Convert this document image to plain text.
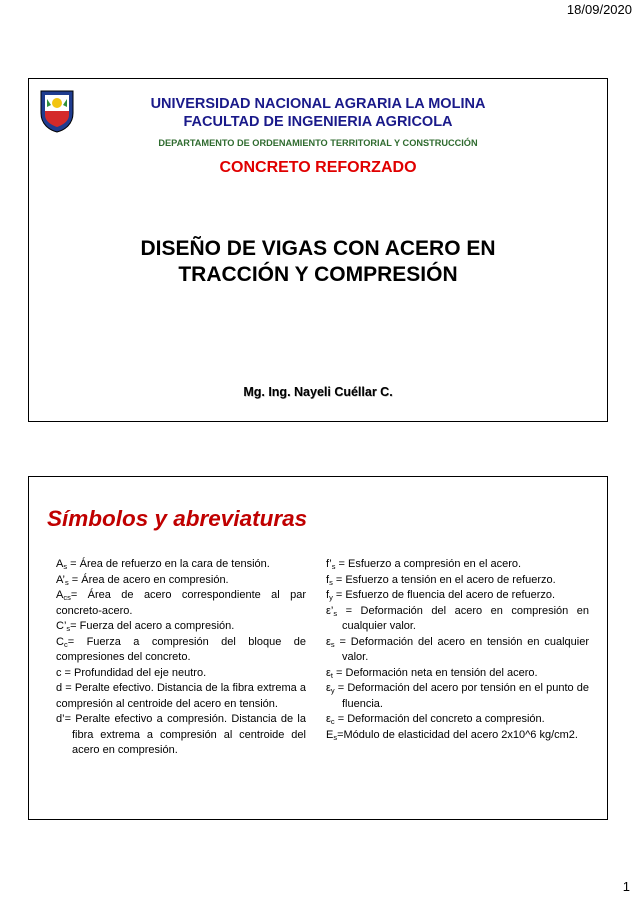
18/09/2020
UNIVERSIDAD NACIONAL AGRARIA LA MOLINA
FACULTAD DE INGENIERIA AGRICOLA
DEPARTAMENTO DE ORDENAMIENTO TERRITORIAL Y CONSTRUCCIÓN
CONCRETO REFORZADO
DISEÑO DE VIGAS CON ACERO EN
TRACCIÓN Y COMPRESIÓN
Mg. Ing. Nayeli Cuéllar C.
Símbolos y abreviaturas

$A_s$ = Área de refuerzo en la cara de tensión.

$A’_s$ = Área de acero en compresión.

$A_{cs}=$ Área de acero correspondiente al par concreto-acero.

$C’_s=$ Fuerza del acero a compresión.

$C_c=$ Fuerza a compresión del bloque de compresiones del concreto.

c = Profundidad del eje neutro.

d = Peralte efectivo. Distancia de la fibra extrema a compresión al centroide del acero en tensión.

d’= Peralte efectivo a compresión. Distancia de la fibra extrema a compresión al centroide del acero en compresión.

$f’_s$ = Esfuerzo a compresión en el acero.

$f_s$ = Esfuerzo a tensión en el acero de refuerzo.

$f_y$ = Esfuerzo de fluencia del acero de refuerzo.

$\varepsilon’_s$ = Deformación del acero en compresión en cualquier valor.

$\varepsilon_s$ = Deformación del acero en tensión en cualquier valor.

$\varepsilon_t$ = Deformación neta en tensión del acero.

$\varepsilon_y$ = Deformación del acero por tensión en el punto de fluencia.

$\varepsilon_c$ = Deformación del concreto a compresión.

$E_s=Módulo$ de elasticidad del acero 2x10^6 kg/cm2.

1
